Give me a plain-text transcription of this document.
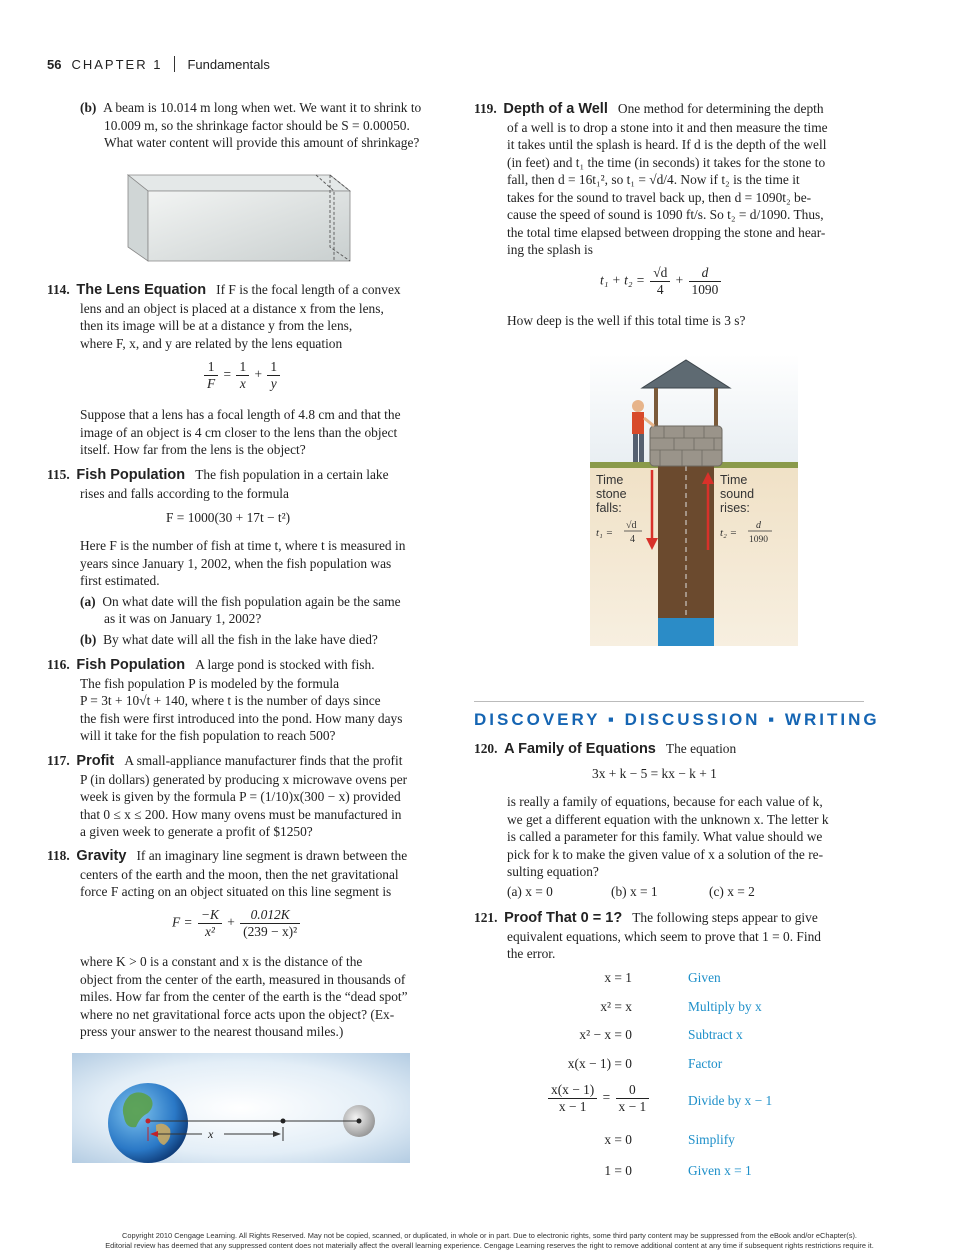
56 CHAPTER 1 Fundamentals
(b) A beam is 10.014 m long when wet. We want it to shrink to
10.009 m, so the shrinkage factor should be S = 0.00050.
What water content will provide this amount of shrinkage?
114. The Lens Equation If F is the focal length of a convex
lens and an object is placed at a distance x from the lens,
then its image will be at a distance y from the lens,
where F, x, and y are related by the lens equation
$\frac{1}{F} = \frac{1}{x} + \frac{1}{y}$
Suppose that a lens has a focal length of 4.8 cm and that the
image of an object is 4 cm closer to the lens than the object
itself. How far from the lens is the object?
115. Fish Population The fish population in a certain lake
rises and falls according to the formula
F = 1000(30 + 17t − t²)
Here F is the number of fish at time t, where t is measured in
years since January 1, 2002, when the fish population was
first estimated.
(a) On what date will the fish population again be the same
as it was on January 1, 2002?
(b) By what date will all the fish in the lake have died?
116. Fish Population A large pond is stocked with fish.
The fish population P is modeled by the formula
P = 3t + 10√t + 140, where t is the number of days since
the fish were first introduced into the pond. How many days
will it take for the fish population to reach 500?
117. Profit A small-appliance manufacturer finds that the profit
P (in dollars) generated by producing x microwave ovens per
week is given by the formula P = (1/10)x(300 − x) provided
that 0 ≤ x ≤ 200. How many ovens must be manufactured in
a given week to generate a profit of $1250?
118. Gravity If an imaginary line segment is drawn between the
centers of the earth and the moon, then the net gravitational
force F acting on an object situated on this line segment is
$F = \frac{-K}{\text{x²}} + \frac{0.012K}{\text{(239 − x)²}}$
where K > 0 is a constant and x is the distance of the
object from the center of the earth, measured in thousands of
miles. How far from the center of the earth is the “dead spot”
where no net gravitational force acts upon the object? (Ex-
press your answer to the nearest thousand miles.)
x
119. Depth of a Well One method for determining the depth
of a well is to drop a stone into it and then measure the time
it takes until the splash is heard. If d is the depth of the well
(in feet) and t₁ the time (in seconds) it takes for the stone to
fall, then d = 16t₁², so t₁ = √d/4. Now if t₂ is the time it
takes for the sound to travel back up, then d = 1090t₂ be-
cause the speed of sound is 1090 ft/s. So t₂ = d/1090. Thus,
the total time elapsed between dropping the stone and hear-
ing the splash is
$t_1 + t_2 = \frac{√d}{4} + \frac{d}{1090}$
How deep is the well if this total time is 3 s?
Time
stone
falls:
Time
sound
rises:
t₁ =
√d
4
t₂ =
d
1090
DISCOVERY ▪ DISCUSSION ▪ WRITING
120. A Family of Equations The equation
3x + k − 5 = kx − k + 1
is really a family of equations, because for each value of k,
we get a different equation with the unknown x. The letter k
is called a parameter for this family. What value should we
pick for k to make the given value of x a solution of the re-
sulting equation?
(a) x = 0	(b) x = 1	(c) x = 2
121. Proof That 0 = 1? The following steps appear to give
equivalent equations, which seem to prove that 1 = 0. Find
the error.
x = 1	Given
x² = x	Multiply by x
x² − x = 0	Subtract x
x(x − 1) = 0	Factor
$\frac{x(x - 1)}{x - 1} = \frac{0}{x - 1}$	Divide by x − 1
x = 0	Simplify
1 = 0	Given x = 1
Copyright 2010 Cengage Learning. All Rights Reserved. May not be copied, scanned, or duplicated, in whole or in part. Due to electronic rights, some third party content may be suppressed from the eBook and/or eChapter(s).
Editorial review has deemed that any suppressed content does not materially affect the overall learning experience. Cengage Learning reserves the right to remove additional content at any time if subsequent rights restrictions require it.
